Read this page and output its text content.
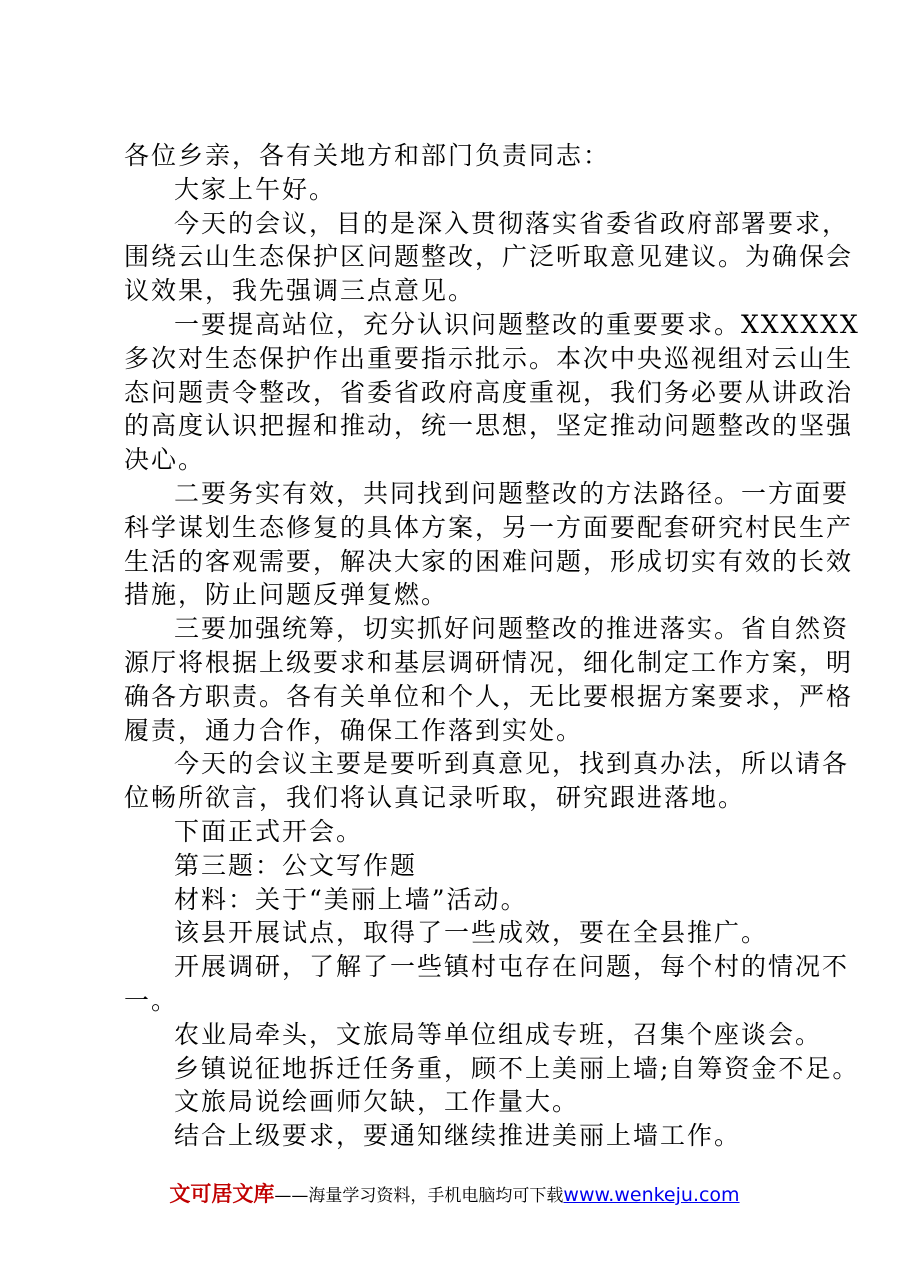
各位乡亲，各有关地方和部门负责同志：
大家上午好。
今天的会议，目的是深入贯彻落实省委省政府部署要求，
围绕云山生态保护区问题整改，广泛听取意见建议。为确保会
议效果，我先强调三点意见。
一要提高站位，充分认识问题整改的重要要求。XXXXXX
多次对生态保护作出重要指示批示。本次中央巡视组对云山生
态问题责令整改，省委省政府高度重视，我们务必要从讲政治
的高度认识把握和推动，统一思想，坚定推动问题整改的坚强
决心。
二要务实有效，共同找到问题整改的方法路径。一方面要
科学谋划生态修复的具体方案，另一方面要配套研究村民生产
生活的客观需要，解决大家的困难问题，形成切实有效的长效
措施，防止问题反弹复燃。
三要加强统筹，切实抓好问题整改的推进落实。省自然资
源厅将根据上级要求和基层调研情况，细化制定工作方案，明
确各方职责。各有关单位和个人，无比要根据方案要求，严格
履责，通力合作，确保工作落到实处。
今天的会议主要是要听到真意见，找到真办法，所以请各
位畅所欲言，我们将认真记录听取，研究跟进落地。
下面正式开会。
第三题：公文写作题
材料：关于“美丽上墙”活动。
该县开展试点，取得了一些成效，要在全县推广。
开展调研，了解了一些镇村屯存在问题，每个村的情况不
一。
农业局牵头，文旅局等单位组成专班，召集个座谈会。
乡镇说征地拆迁任务重，顾不上美丽上墙;自筹资金不足。
文旅局说绘画师欠缺，工作量大。
结合上级要求，要通知继续推进美丽上墙工作。
文可居文库——海量学习资料，手机电脑均可下载www.wenkeju.com
